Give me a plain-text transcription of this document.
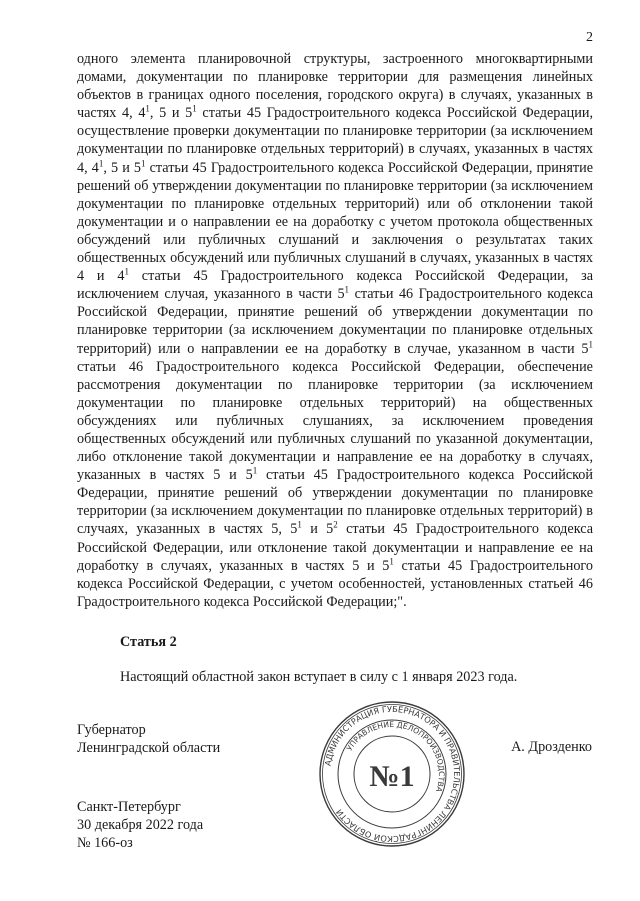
2

одного элемента планировочной структуры, застроенного многоквартирными домами, документации по планировке территории для размещения линейных объектов в границах одного поселения, городского округа) в случаях, указанных в частях 4, $4^1$, 5 и $5^1$ статьи 45 Градостроительного кодекса Российской Федерации, осуществление проверки документации по планировке территории (за исключением документации по планировке отдельных территорий) в случаях, указанных в частях 4, $4^1$, 5 и $5^1$ статьи 45 Градостроительного кодекса Российской Федерации, принятие решений об утверждении документации по планировке территории (за исключением документации по планировке отдельных территорий) или об отклонении такой документации и о направлении ее на доработку с учетом протокола общественных обсуждений или публичных слушаний и заключения о результатах таких общественных обсуждений или публичных слушаний в случаях, указанных в частях 4 и $4^1$ статьи 45 Градостроительного кодекса Российской Федерации, за исключением случая, указанного в части $5^1$ статьи 46 Градостроительного кодекса Российской Федерации, принятие решений об утверждении документации по планировке территории (за исключением документации по планировке отдельных территорий) или о направлении ее на доработку в случае, указанном в части $5^1$ статьи 46 Градостроительного кодекса Российской Федерации, обеспечение рассмотрения документации по планировке территории (за исключением документации по планировке отдельных территорий) на общественных обсуждениях или публичных слушаниях, за исключением проведения общественных обсуждений или публичных слушаний по указанной документации, либо отклонение такой документации и направление ее на доработку в случаях, указанных в частях 5 и $5^1$ статьи 45 Градостроительного кодекса Российской Федерации, принятие решений об утверждении документации по планировке территории (за исключением документации по планировке отдельных территорий) в случаях, указанных в частях 5, $5^1$ и $5^2$ статьи 45 Градостроительного кодекса Российской Федерации, или отклонение такой документации и направление ее на доработку в случаях, указанных в частях 5 и $5^1$ статьи 45 Градостроительного кодекса Российской Федерации, с учетом особенностей, установленных статьей 46 Градостроительного кодекса Российской Федерации;".

Статья 2
Настоящий областной закон вступает в силу с 1 января 2023 года.
Губернатор
Ленинградской области	А. Дрозденко
АДМИНИСТРАЦИЯ ГУБЕРНАТОРА И ПРАВИТЕЛЬСТВА ЛЕНИНГРАДСКОЙ ОБЛАСТИ
УПРАВЛЕНИЕ ДЕЛОПРОИЗВОДСТВА
№1
Санкт-Петербург
30 декабря 2022 года
№ 166-оз
